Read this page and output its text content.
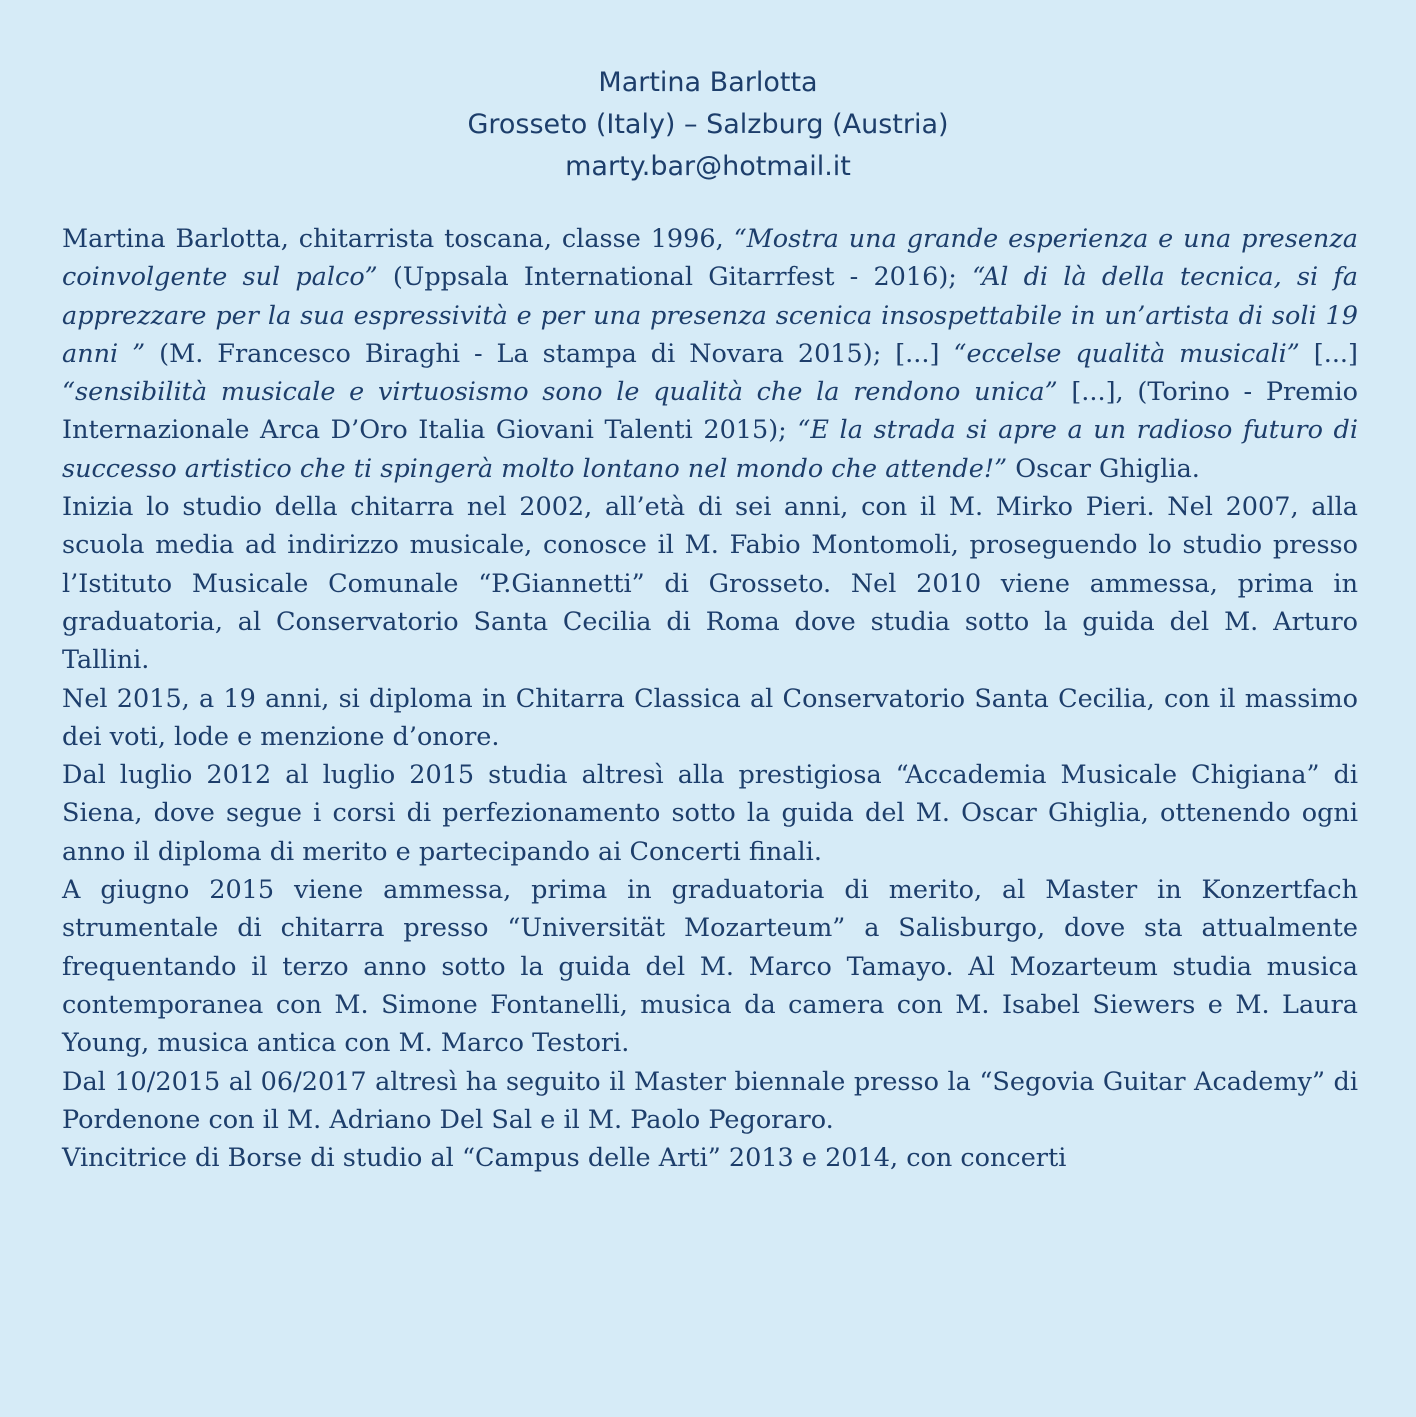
Martina Barlotta
Grosseto (Italy) – Salzburg (Austria)
marty.bar@hotmail.it

Martina Barlotta, chitarrista toscana, classe 1996, “Mostra una grande esperienza e una presenza coinvolgente sul palco” (Uppsala International Gitarrfest - 2016); “Al di là della tecnica, si fa apprezzare per la sua espressività e per una presenza scenica insospettabile in un’artista di soli 19 anni ” (M. Francesco Biraghi - La stampa di Novara 2015); [...] “eccelse qualità musicali” [...] “sensibilità musicale e virtuosismo sono le qualità che la rendono unica” [...], (Torino - Premio Internazionale Arca D’Oro Italia Giovani Talenti 2015); “E la strada si apre a un radioso futuro di successo artistico che ti spingerà molto lontano nel mondo che attende!” Oscar Ghiglia.

Inizia lo studio della chitarra nel 2002, all’età di sei anni, con il M. Mirko Pieri. Nel 2007, alla scuola media ad indirizzo musicale, conosce il M. Fabio Montomoli, proseguendo lo studio presso l’Istituto Musicale Comunale “P.Giannetti” di Grosseto. Nel 2010 viene ammessa, prima in graduatoria, al Conservatorio Santa Cecilia di Roma dove studia sotto la guida del M. Arturo Tallini.

Nel 2015, a 19 anni, si diploma in Chitarra Classica al Conservatorio Santa Cecilia, con il massimo dei voti, lode e menzione d’onore.

Dal luglio 2012 al luglio 2015 studia altresì alla prestigiosa “Accademia Musicale Chigiana” di Siena, dove segue i corsi di perfezionamento sotto la guida del M. Oscar Ghiglia, ottenendo ogni anno il diploma di merito e partecipando ai Concerti finali.

A giugno 2015 viene ammessa, prima in graduatoria di merito, al Master in Konzertfach strumentale di chitarra presso “Universität Mozarteum” a Salisburgo, dove sta attualmente frequentando il terzo anno sotto la guida del M. Marco Tamayo. Al Mozarteum studia musica contemporanea con M. Simone Fontanelli, musica da camera con M. Isabel Siewers e M. Laura Young, musica antica con M. Marco Testori.

Dal 10/2015 al 06/2017 altresì ha seguito il Master biennale presso la “Segovia Guitar Academy” di Pordenone con il M. Adriano Del Sal e il M. Paolo Pegoraro.

Vincitrice di Borse di studio al “Campus delle Arti” 2013 e 2014, con concerti
